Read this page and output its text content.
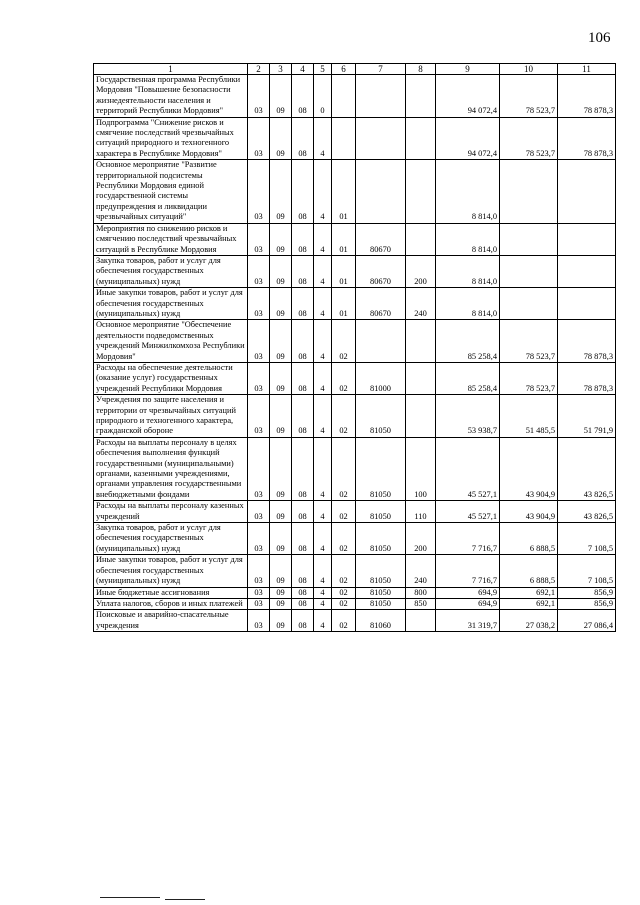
106
1	2	3	4	5	6	7	8	9	10	11
Государственная программа Республики Мордовия "Повышение безопасности жизнедеятельности населения и территорий Республики Мордовия"	03	09	08	0				94 072,4	78 523,7	78 878,3
Подпрограмма "Снижение рисков и смягчение последствий чрезвычайных ситуаций природного и техногенного характера в Республике Мордовия"	03	09	08	4				94 072,4	78 523,7	78 878,3
Основное мероприятие "Развитие территориальной подсистемы Республики Мордовия единой государственной системы предупреждения и ликвидации чрезвычайных ситуаций"	03	09	08	4	01			8 814,0		
Мероприятия по снижению рисков и смягчению последствий чрезвычайных ситуаций в Республике Мордовия	03	09	08	4	01	80670		8 814,0		
Закупка товаров, работ и услуг для обеспечения государственных (муниципальных) нужд	03	09	08	4	01	80670	200	8 814,0		
Иные закупки товаров, работ и услуг для обеспечения государственных (муниципальных) нужд	03	09	08	4	01	80670	240	8 814,0		
Основное мероприятие "Обеспечение деятельности подведомственных учреждений Минжилкомхоза Республики Мордовия"	03	09	08	4	02			85 258,4	78 523,7	78 878,3
Расходы на обеспечение деятельности (оказание услуг) государственных учреждений Республики Мордовия	03	09	08	4	02	81000		85 258,4	78 523,7	78 878,3
Учреждения по защите населения и территории от чрезвычайных ситуаций природного и техногенного характера, гражданской обороне	03	09	08	4	02	81050		53 938,7	51 485,5	51 791,9
Расходы на выплаты персоналу в целях обеспечения выполнения функций государственными (муниципальными) органами, казенными учреждениями, органами управления государственными внебюджетными фондами	03	09	08	4	02	81050	100	45 527,1	43 904,9	43 826,5
Расходы на выплаты персоналу казенных учреждений	03	09	08	4	02	81050	110	45 527,1	43 904,9	43 826,5
Закупка товаров, работ и услуг для обеспечения государственных (муниципальных) нужд	03	09	08	4	02	81050	200	7 716,7	6 888,5	7 108,5
Иные закупки товаров, работ и услуг для обеспечения государственных (муниципальных) нужд	03	09	08	4	02	81050	240	7 716,7	6 888,5	7 108,5
Иные бюджетные ассигнования	03	09	08	4	02	81050	800	694,9	692,1	856,9
Уплата налогов, сборов и иных платежей	03	09	08	4	02	81050	850	694,9	692,1	856,9
Поисковые и аварийно-спасательные учреждения	03	09	08	4	02	81060		31 319,7	27 038,2	27 086,4
